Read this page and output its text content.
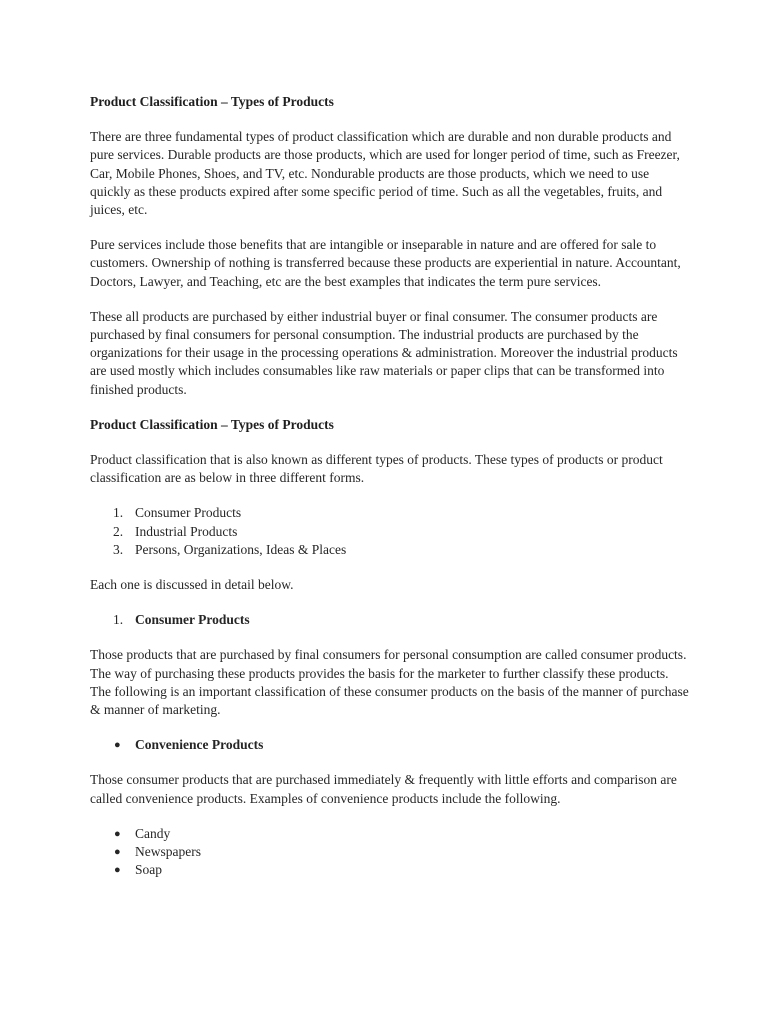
Product Classification – Types of Products

There are three fundamental types of product classification which are durable and non durable products and pure services. Durable products are those products, which are used for longer period of time, such as Freezer, Car, Mobile Phones, Shoes, and TV, etc. Nondurable products are those products, which we need to use quickly as these products expired after some specific period of time. Such as all the vegetables, fruits, and juices, etc.

Pure services include those benefits that are intangible or inseparable in nature and are offered for sale to customers. Ownership of nothing is transferred because these products are experiential in nature. Accountant, Doctors, Lawyer, and Teaching, etc are the best examples that indicates the term pure services.

These all products are purchased by either industrial buyer or final consumer. The consumer products are purchased by final consumers for personal consumption. The industrial products are purchased by the organizations for their usage in the processing operations & administration. Moreover the industrial products are used mostly which includes consumables like raw materials or paper clips that can be transformed into finished products.

Product Classification – Types of Products

Product classification that is also known as different types of products. These types of products or product classification are as below in three different forms.

1. Consumer Products
2. Industrial Products
3. Persons, Organizations, Ideas & Places

Each one is discussed in detail below.

1. Consumer Products

Those products that are purchased by final consumers for personal consumption are called consumer products. The way of purchasing these products provides the basis for the marketer to further classify these products. The following is an important classification of these consumer products on the basis of the manner of purchase & manner of marketing.

● Convenience Products

Those consumer products that are purchased immediately & frequently with little efforts and comparison are called convenience products. Examples of convenience products include the following.

● Candy
● Newspapers
● Soap
